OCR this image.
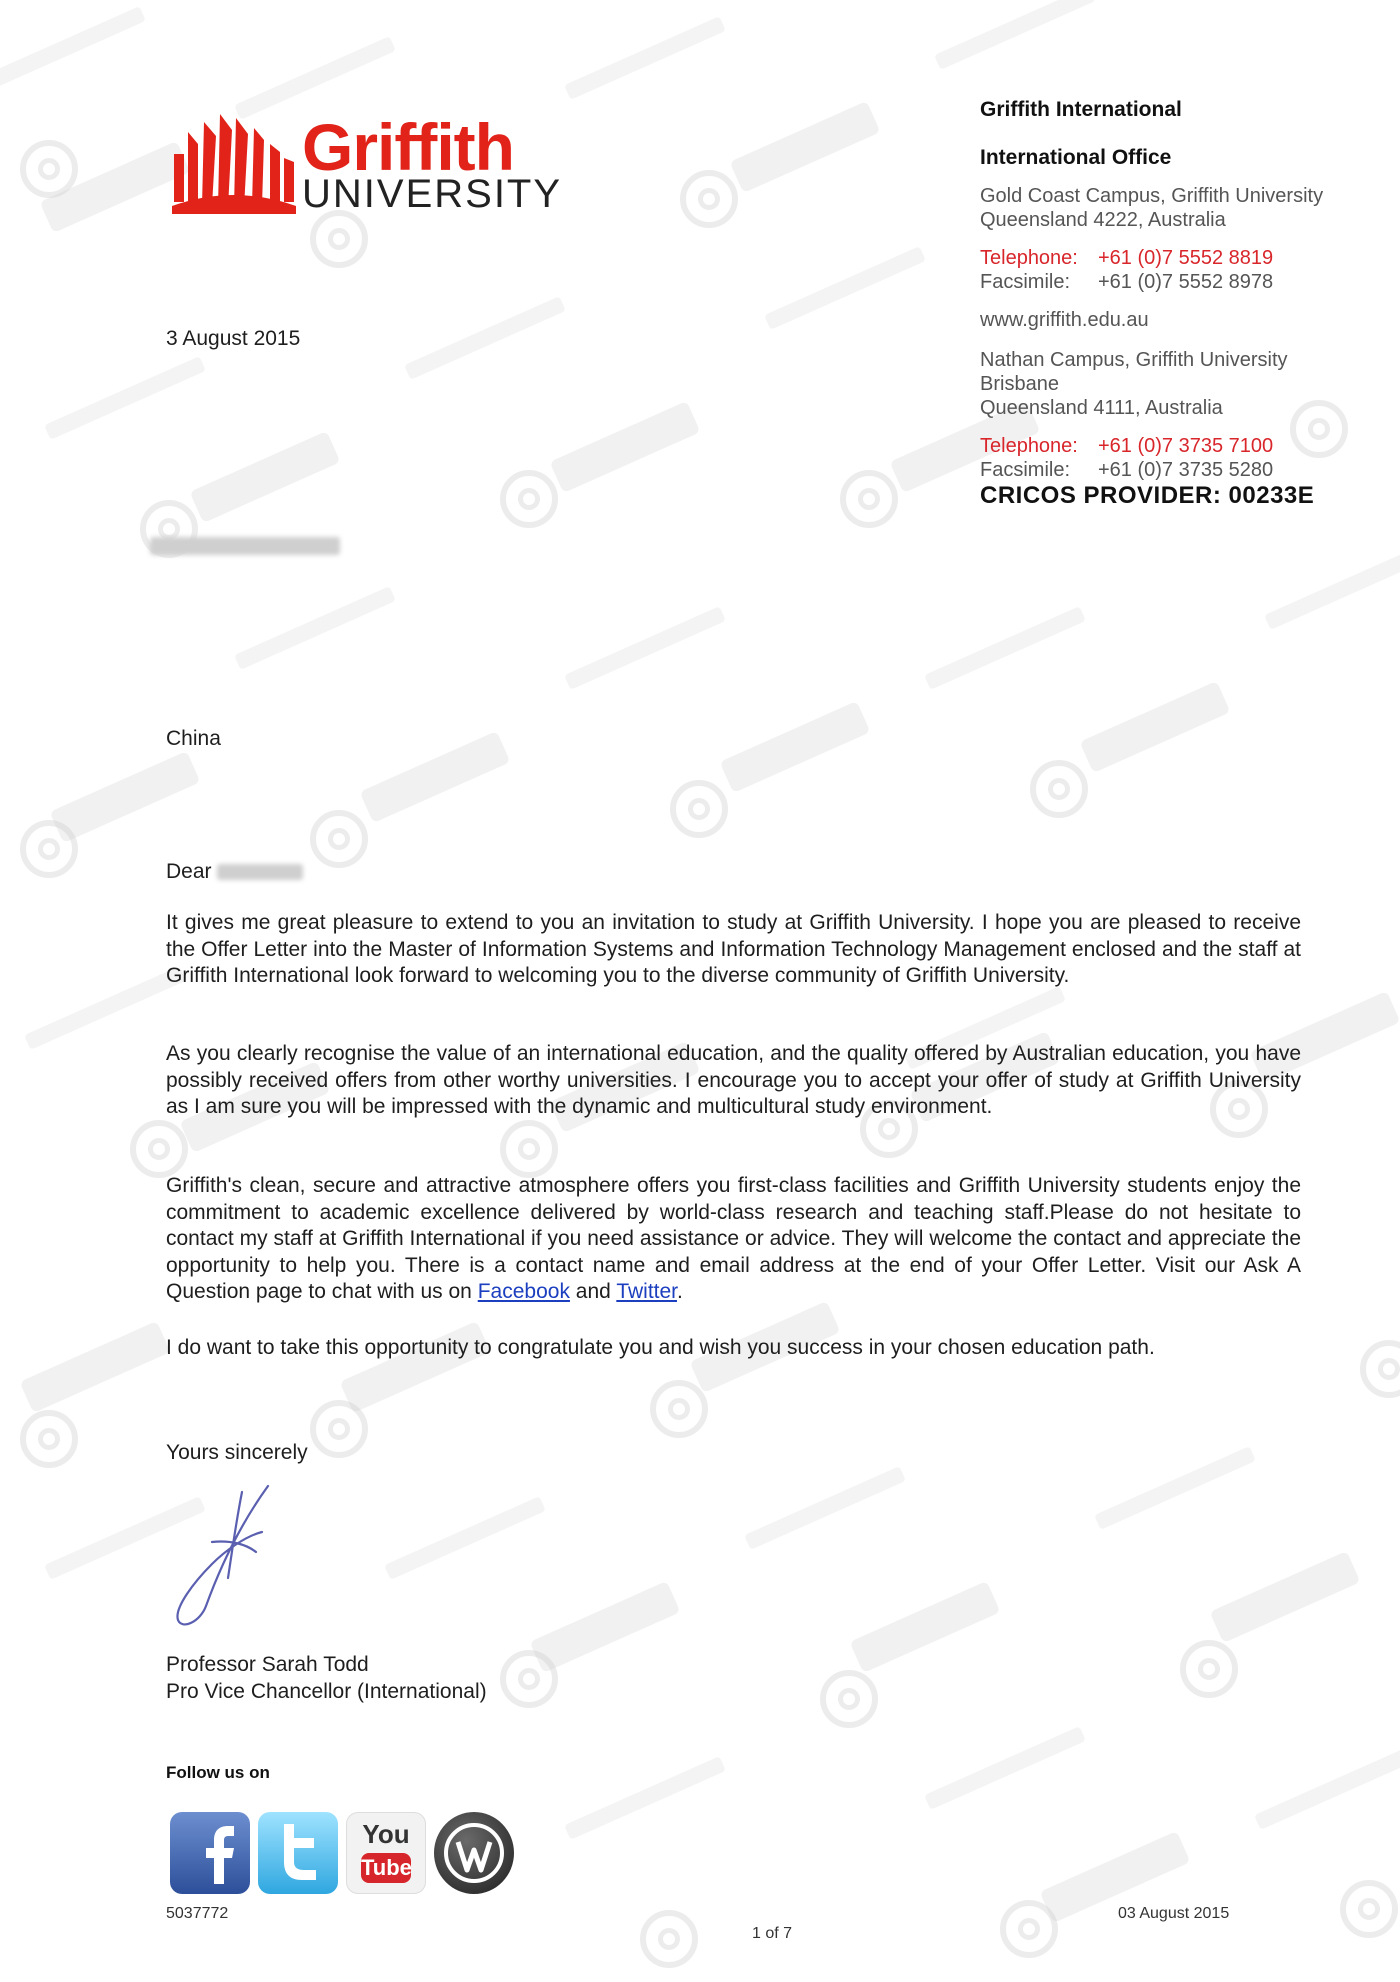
Griffith
UNIVERSITY
Griffith International
International Office
Gold Coast Campus, Griffith University
Queensland 4222, Australia
Telephone: +61 (0)7 5552 8819
Facsimile: +61 (0)7 5552 8978
www.griffith.edu.au
Nathan Campus, Griffith University
Brisbane
Queensland 4111, Australia
Telephone: +61 (0)7 3735 7100
Facsimile: +61 (0)7 3735 5280
CRICOS PROVIDER: 00233E
3 August 2015
China
Dear
It gives me great pleasure to extend to you an invitation to study at Griffith University. I hope you are pleased to receive the Offer Letter into the Master of Information Systems and Information Technology Management enclosed and the staff at Griffith International look forward to welcoming you to the diverse community of Griffith University.
As you clearly recognise the value of an international education, and the quality offered by Australian education, you have possibly received offers from other worthy universities. I encourage you to accept your offer of study at Griffith University as I am sure you will be impressed with the dynamic and multicultural study environment.
Griffith's clean, secure and attractive atmosphere offers you first-class facilities and Griffith University students enjoy the commitment to academic excellence delivered by world-class research and teaching staff.Please do not hesitate to contact my staff at Griffith International if you need assistance or advice. They will welcome the contact and appreciate the opportunity to help you. There is a contact name and email address at the end of your Offer Letter. Visit our Ask A Question page to chat with us on Facebook and Twitter.
I do want to take this opportunity to congratulate you and wish you success in your chosen education path.
Yours sincerely
Professor Sarah Todd
Pro Vice Chancellor (International)
Follow us on
You
Tube
5037772
1 of 7
03 August 2015
